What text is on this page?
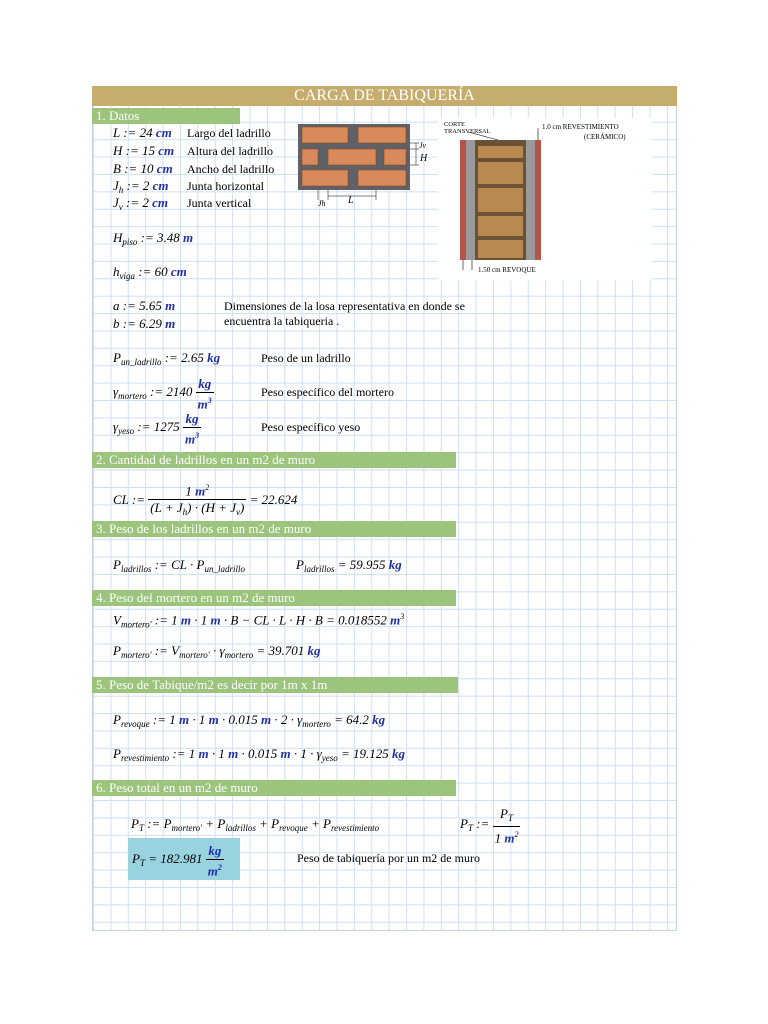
CARGA DE TABIQUERÍA
1. Datos
L := 24 cm Largo del ladrillo
H := 15 cm Altura del ladrillo
B := 10 cm Ancho del ladrillo
$J_h$ := 2 cm Junta horizontal
$J_v$ := 2 cm Junta vertical
$H_{piso}$ := 3.48 m
$h_{viga}$ := 60 cm
a := 5.65 m
b := 6.29 m
Dimensiones de la losa representativa en donde se
encuentra la tabiqueria .
$P_{un\_ladrillo}$ := 2.65 kg	Peso de un ladrillo
$\gamma_{mortero}$ := $2140 \frac{kg}{m^3}$	Peso específico del mortero
$\gamma_{yeso}$ := $1275 \frac{kg}{m^3}$	Peso específico yeso
Jv
H
Jh L
CORTE
TRANSVERSAL
1.0 cm REVESTIMIENTO
(CERÁMICO)
1.50 cm REVOQUE
2. Cantidad de ladrillos en un m2 de muro
CL := $\frac{1 m^2}{(L + J_h) \cdot (H + J_v)} = 22.624$
3. Peso de los ladrillos en un m2 de muro
$P_{ladrillos}$ := CL · $P_{un\_ladrillo}$	$P_{ladrillos} = 59.955$ kg
4. Peso del mortero en un m2 de muro
$V_{mortero'}$ := 1 m · 1 m · B − CL · L · H · B = 0.018552 $m^3$
$P_{mortero'}$ := $V_{mortero'} \cdot \gamma_{mortero} = 39.701$ kg
5. Peso de Tabique/m2 es decir por 1m x 1m
$P_{revoque}$ := 1 m · 1 m · 0.015 $m \cdot 2 \cdot \gamma_{mortero} = 64.2$ kg
$P_{revestimiento}$ := 1 m · 1 m · 0.015 $m \cdot 1 \cdot \gamma_{yeso} = 19.125$ kg
6. Peso total en un m2 de muro
$P_T$ := $P_{mortero'} + P_{ladrillos} + P_{revoque} + P_{revestimiento}$	$P_T$ := $\frac{P_T}{1 m^2}$
$P_T = 182.981 \frac{kg}{m^2}$	Peso de tabiquería por un m2 de muro
